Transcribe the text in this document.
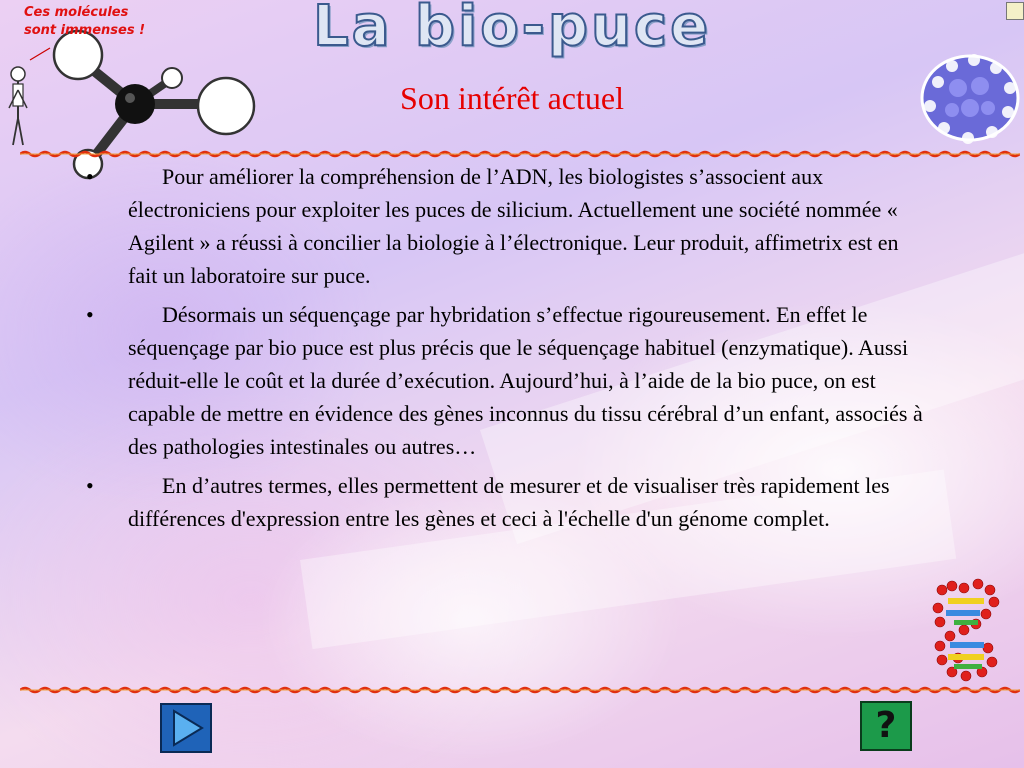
Ces molécules
sont immenses !	La bio-puce
Son intérêt actuel

•	Pour améliorer la compréhension de l’ADN, les biologistes s’associent aux électroniciens pour exploiter les puces de silicium. Actuellement une société nommée « Agilent » a réussi à concilier la biologie à l’électronique. Leur produit, affimetrix est en fait un laboratoire sur puce.

•	Désormais un séquençage par hybridation s’effectue rigoureusement. En effet le séquençage par bio puce est plus précis que le séquençage habituel (enzymatique). Aussi réduit-elle le coût et la durée d’exécution. Aujourd’hui, à l’aide de la bio puce, on est capable de mettre en évidence des gènes inconnus du tissu cérébral d’un enfant, associés à des pathologies intestinales ou autres…

•	En d’autres termes, elles permettent de mesurer et de visualiser très rapidement les différences d'expression entre les gènes et ceci à l'échelle d'un génome complet.

?
